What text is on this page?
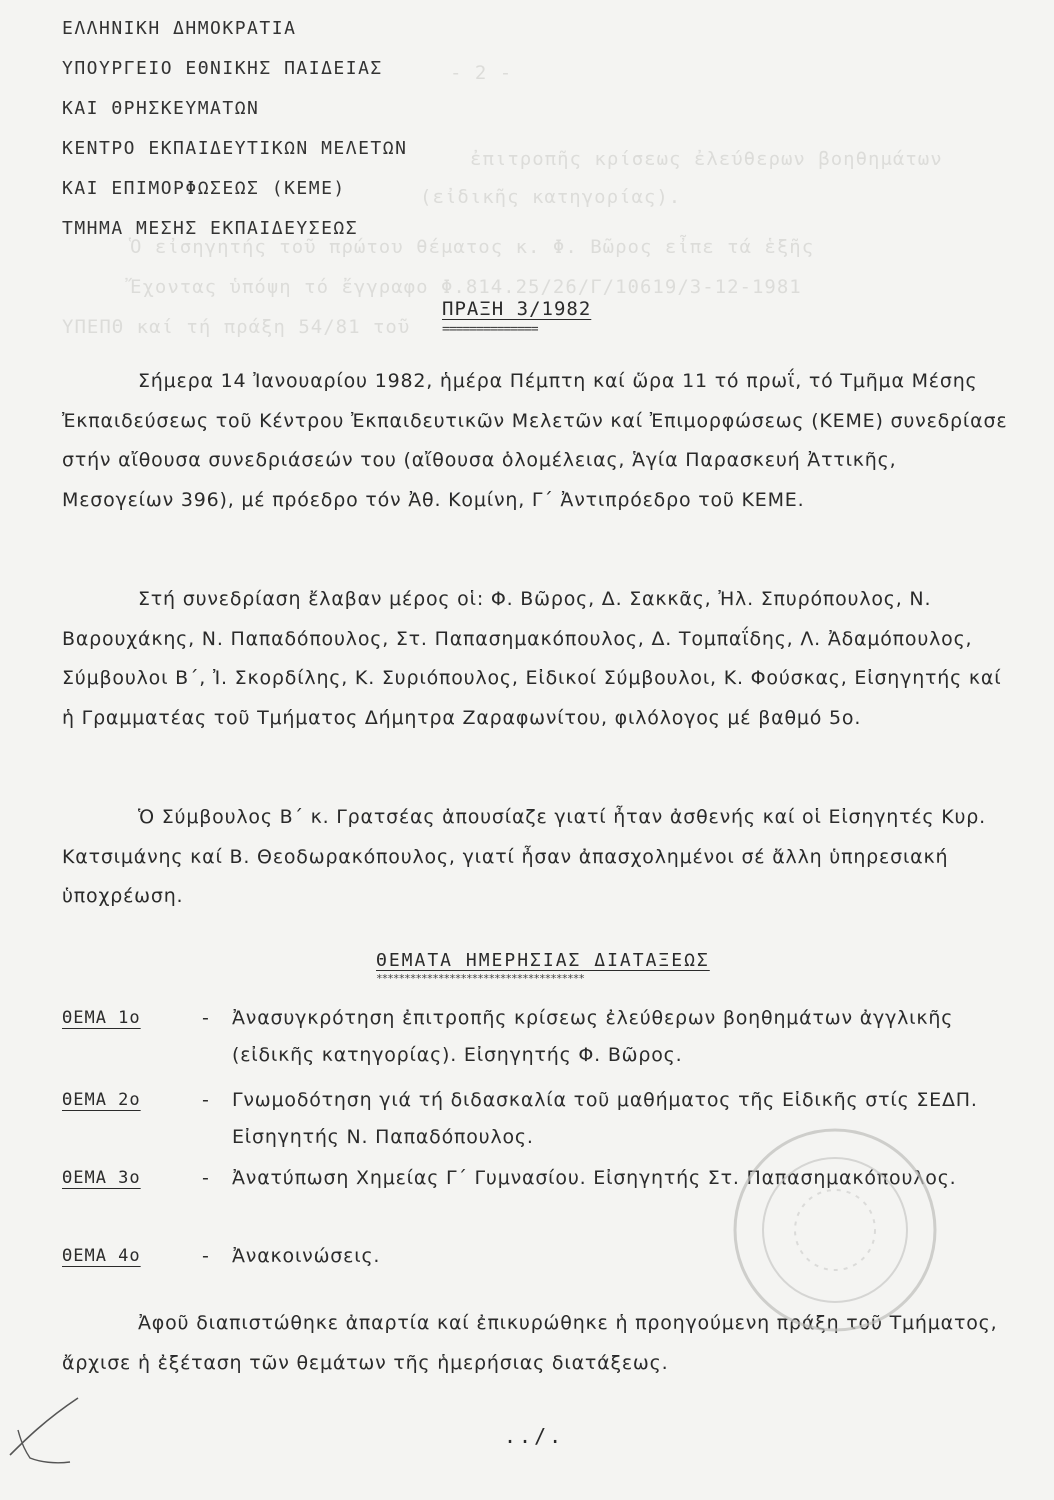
- 2 -
ἐπιτροπῆς κρίσεως ἐλεύθερων βοηθημάτων
(εἰδικῆς κατηγορίας).
Ὁ εἰσηγητής τοῦ πρώτου θέματος κ. Φ. Βῶρος εἶπε τά ἑξῆς
Ἔχοντας ὑπόψη τό ἔγγραφο Φ.814.25/26/Γ/10619/3-12-1981
ΥΠΕΠΘ καί τή πράξη 54/81 τοῦ
ΕΛΛΗΝΙΚΗ ΔΗΜΟΚΡΑΤΙΑ
ΥΠΟΥΡΓΕΙΟ ΕΘΝΙΚΗΣ ΠΑΙΔΕΙΑΣ
ΚΑΙ ΘΡΗΣΚΕΥΜΑΤΩΝ
ΚΕΝΤΡΟ ΕΚΠΑΙΔΕΥΤΙΚΩΝ ΜΕΛΕΤΩΝ
ΚΑΙ ΕΠΙΜΟΡΦΩΣΕΩΣ (ΚΕΜΕ)
ΤΜΗΜΑ ΜΕΣΗΣ ΕΚΠΑΙΔΕΥΣΕΩΣ
ΠΡΑΞΗ 3/1982
==============

Σήμερα 14 Ἰανουαρίου 1982, ἡμέρα Πέμπτη καί ὥρα 11 τό πρωΐ, τό Τμῆμα Μέσης Ἐκπαιδεύσεως τοῦ Κέντρου Ἐκπαιδευτικῶν Μελετῶν καί Ἐπιμορφώσεως (ΚΕΜΕ) συνεδρίασε στήν αἴθουσα συνεδριάσεών του (αἴθουσα ὁλομέλειας, Ἁγία Παρασκευή Ἀττικῆς, Μεσογείων 396), μέ πρόεδρο τόν Ἀθ. Κομίνη, Γ΄ Ἀντιπρόεδρο τοῦ ΚΕΜΕ.

Στή συνεδρίαση ἔλαβαν μέρος οἱ: Φ. Βῶρος, Δ. Σακκᾶς, Ἠλ. Σπυρόπουλος, Ν. Βαρουχάκης, Ν. Παπαδόπουλος, Στ. Παπασημακόπουλος, Δ. Τομπαΐδης, Λ. Ἀδαμόπουλος, Σύμβουλοι Β΄, Ἰ. Σκορδίλης, Κ. Συριόπουλος, Εἰδικοί Σύμβουλοι, Κ. Φούσκας, Εἰσηγητής καί ἡ Γραμματέας τοῦ Τμήματος Δήμητρα Ζαραφωνίτου, φιλόλογος μέ βαθμό 5ο.

Ὁ Σύμβουλος Β΄ κ. Γρατσέας ἀπουσίαζε γιατί ἦταν ἀσθενής καί οἱ Εἰσηγητές Κυρ. Κατσιμάνης καί Β. Θεοδωρακόπουλος, γιατί ἦσαν ἀπασχολημένοι σέ ἄλλη ὑπηρεσιακή ὑποχρέωση.

ΘΕΜΑΤΑ ΗΜΕΡΗΣΙΑΣ ΔΙΑΤΑΞΕΩΣ
*************************************
ΘΕΜΑ 1ο	- Ἀνασυγκρότηση ἐπιτροπῆς κρίσεως ἐλεύθερων βοηθημάτων ἀγγλικῆς (εἰδικῆς κατηγορίας). Εἰσηγητής Φ. Βῶρος.
ΘΕΜΑ 2ο	- Γνωμοδότηση γιά τή διδασκαλία τοῦ μαθήματος τῆς Εἰδικῆς στίς ΣΕΔΠ. Εἰσηγητής Ν. Παπαδόπουλος.
ΘΕΜΑ 3ο	- Ἀνατύπωση Χημείας Γ΄ Γυμνασίου. Εἰσηγητής Στ. Παπασημακόπουλος.
ΘΕΜΑ 4ο	- Ἀνακοινώσεις.

Ἀφοῦ διαπιστώθηκε ἀπαρτία καί ἐπικυρώθηκε ἡ προηγούμενη πράξη τοῦ Τμήματος, ἄρχισε ἡ ἐξέταση τῶν θεμάτων τῆς ἡμερήσιας διατάξεως.

../.
